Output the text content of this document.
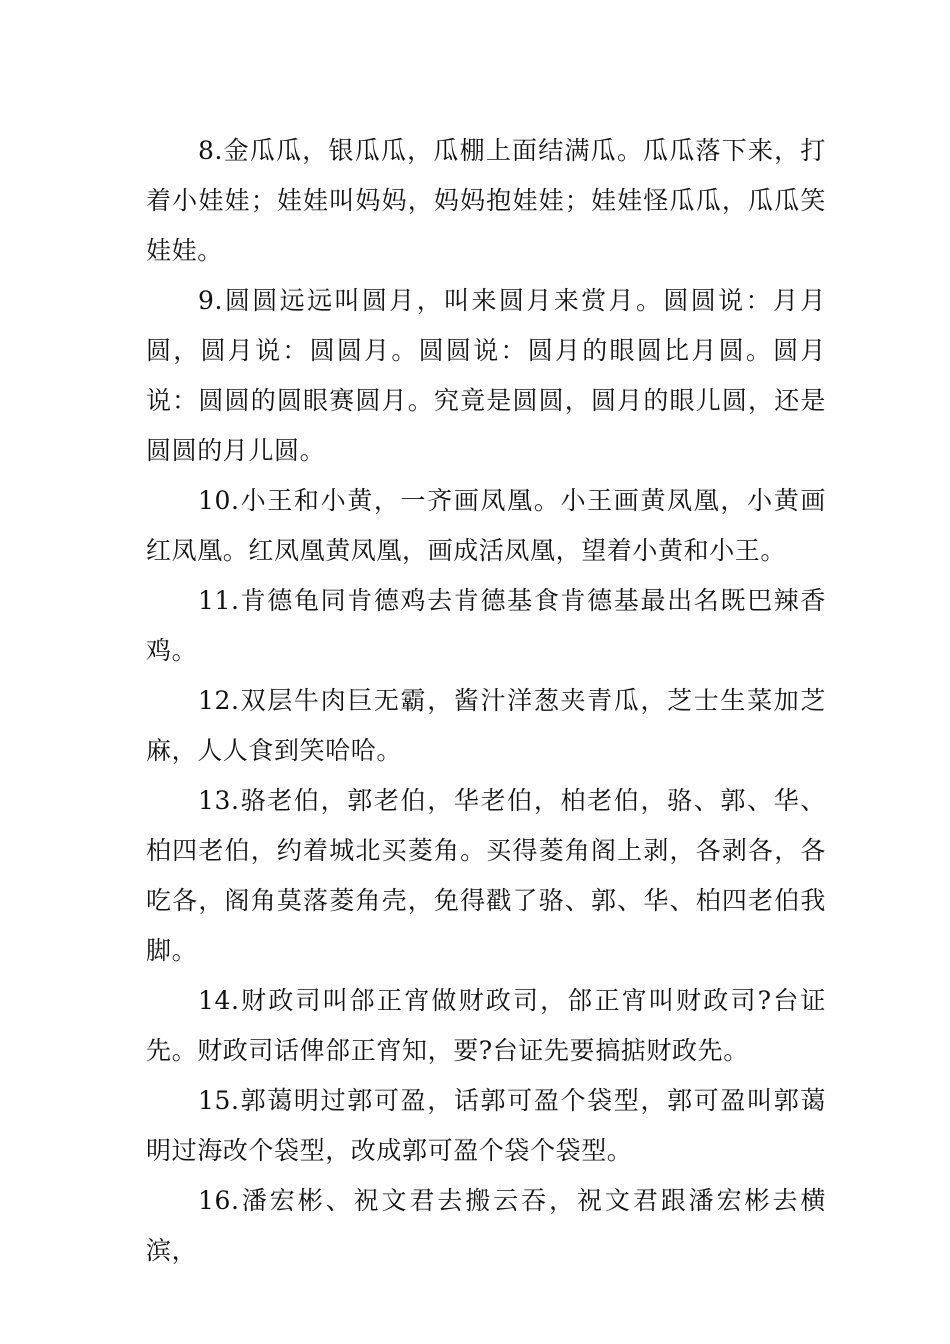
8.金瓜瓜，银瓜瓜，瓜棚上面结满瓜。瓜瓜落下来，打着小娃娃；娃娃叫妈妈，妈妈抱娃娃；娃娃怪瓜瓜，瓜瓜笑娃娃。

9.圆圆远远叫圆月，叫来圆月来赏月。圆圆说：月月圆，圆月说：圆圆月。圆圆说：圆月的眼圆比月圆。圆月说：圆圆的圆眼赛圆月。究竟是圆圆，圆月的眼儿圆，还是圆圆的月儿圆。

10.小王和小黄，一齐画凤凰。小王画黄凤凰，小黄画红凤凰。红凤凰黄凤凰，画成活凤凰，望着小黄和小王。

11.肯德龟同肯德鸡去肯德基食肯德基最出名既巴辣香鸡。

12.双层牛肉巨无霸，酱汁洋葱夹青瓜，芝士生菜加芝麻，人人食到笑哈哈。

13.骆老伯，郭老伯，华老伯，柏老伯，骆、郭、华、柏四老伯，约着城北买菱角。买得菱角阁上剥，各剥各，各吃各，阁角莫落菱角壳，免得戳了骆、郭、华、柏四老伯我脚。

14.财政司叫郃正宵做财政司，郃正宵叫财政司?台证先。财政司话俾郃正宵知，要?台证先要搞掂财政先。

15.郭蔼明过郭可盈，话郭可盈个袋型，郭可盈叫郭蔼明过海改个袋型，改成郭可盈个袋个袋型。

16.潘宏彬、祝文君去搬云吞，祝文君跟潘宏彬去横滨，
